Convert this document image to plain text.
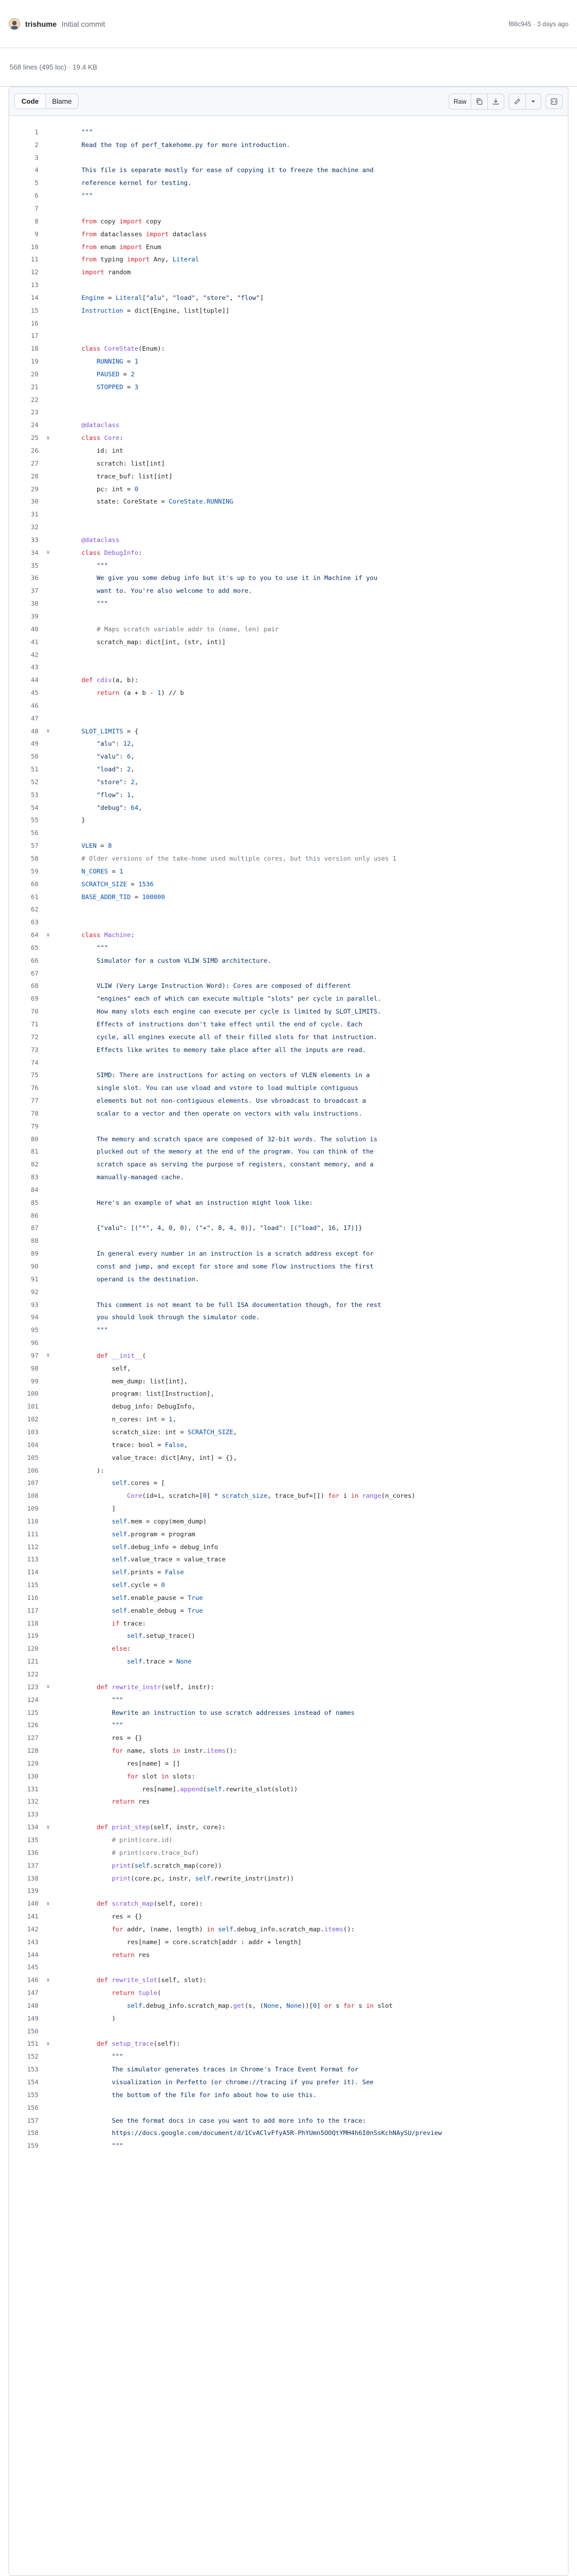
trishume Initial commit	f88c945 · 3 days ago
568 lines (495 loc)
·
19.4 KB
Code	Blame	Raw
1	"""
2	Read the top of perf_takehome.py for more introduction.
3
4	This file is separate mostly for ease of copying it to freeze the machine and
5	reference kernel for testing.
6	"""
7
8	from copy import copy
9	from dataclasses import dataclass
10	from enum import Enum
11	from typing import Any, Literal
12	import random
13
14	Engine = Literal["alu", "load", "store", "flow"]
15	Instruction = dict[Engine, list[tuple]]
16
17
18	class CoreState(Enum):
19	RUNNING = 1
20	PAUSED = 2
21	STOPPED = 3
22
23
24	@dataclass
25	∨	class Core:
26	id: int
27	scratch: list[int]
28	trace_buf: list[int]
29	pc: int = 0
30	state: CoreState = CoreState.RUNNING
31
32
33	@dataclass
34	∨	class DebugInfo:
35	"""
36	We give you some debug info but it's up to you to use it in Machine if you
37	want to. You're also welcome to add more.
38	"""
39
40	# Maps scratch variable addr to (name, len) pair
41	scratch_map: dict[int, (str, int)]
42
43
44	def cdiv(a, b):
45	return (a + b - 1) // b
46
47
48	∨	SLOT_LIMITS = {
49	"alu": 12,
50	"valu": 6,
51	"load": 2,
52	"store": 2,
53	"flow": 1,
54	"debug": 64,
55	}
56
57	VLEN = 8
58	# Older versions of the take-home used multiple cores, but this version only uses 1
59	N_CORES = 1
60	SCRATCH_SIZE = 1536
61	BASE_ADDR_TID = 100000
62
63
64	∨	class Machine:
65	"""
66	Simulator for a custom VLIW SIMD architecture.
67
68	VLIW (Very Large Instruction Word): Cores are composed of different
69	"engines" each of which can execute multiple "slots" per cycle in parallel.
70	How many slots each engine can execute per cycle is limited by SLOT_LIMITS.
71	Effects of instructions don't take effect until the end of cycle. Each
72	cycle, all engines execute all of their filled slots for that instruction.
73	Effects like writes to memory take place after all the inputs are read.
74
75	SIMD: There are instructions for acting on vectors of VLEN elements in a
76	single slot. You can use vload and vstore to load multiple contiguous
77	elements but not non-contiguous elements. Use vbroadcast to broadcast a
78	scalar to a vector and then operate on vectors with valu instructions.
79
80	The memory and scratch space are composed of 32-bit words. The solution is
81	plucked out of the memory at the end of the program. You can think of the
82	scratch space as serving the purpose of registers, constant memory, and a
83	manually-managed cache.
84
85	Here's an example of what an instruction might look like:
86
87	{"valu": [("*", 4, 0, 0), ("+", 8, 4, 0)], "load": [("load", 16, 17)]}
88
89	In general every number in an instruction is a scratch address except for
90	const and jump, and except for store and some flow instructions the first
91	operand is the destination.
92
93	This comment is not meant to be full ISA documentation though, for the rest
94	you should look through the simulator code.
95	"""
96
97	∨	def __init__(
98	self,
99	mem_dump: list[int],
100	program: list[Instruction],
101	debug_info: DebugInfo,
102	n_cores: int = 1,
103	scratch_size: int = SCRATCH_SIZE,
104	trace: bool = False,
105	value_trace: dict[Any, int] = {},
106	):
107	self.cores = [
108	Core(id=i, scratch=[0] * scratch_size, trace_buf=[]) for i in range(n_cores)
109	]
110	self.mem = copy(mem_dump)
111	self.program = program
112	self.debug_info = debug_info
113	self.value_trace = value_trace
114	self.prints = False
115	self.cycle = 0
116	self.enable_pause = True
117	self.enable_debug = True
118	if trace:
119	self.setup_trace()
120	else:
121	self.trace = None
122
123	∨	def rewrite_instr(self, instr):
124	"""
125	Rewrite an instruction to use scratch addresses instead of names
126	"""
127	res = {}
128	for name, slots in instr.items():
129	res[name] = []
130	for slot in slots:
131	res[name].append(self.rewrite_slot(slot))
132	return res
133
134	∨	def print_step(self, instr, core):
135	# print(core.id)
136	# print(core.trace_buf)
137	print(self.scratch_map(core))
138	print(core.pc, instr, self.rewrite_instr(instr))
139
140	∨	def scratch_map(self, core):
141	res = {}
142	for addr, (name, length) in self.debug_info.scratch_map.items():
143	res[name] = core.scratch[addr : addr + length]
144	return res
145
146	∨	def rewrite_slot(self, slot):
147	return tuple(
148	self.debug_info.scratch_map.get(s, (None, None))[0] or s for s in slot
149	)
150
151	∨	def setup_trace(self):
152	"""
153	The simulator generates traces in Chrome's Trace Event Format for
154	visualization in Perfetto (or chrome://tracing if you prefer it). See
155	the bottom of the file for info about how to use this.
156
157	See the format docs in case you want to add more info to the trace:
158	https://docs.google.com/document/d/1CvAClvFfyA5R-PhYUmn5OOQtYMH4h6I0nSsKchNAySU/preview
159	"""
